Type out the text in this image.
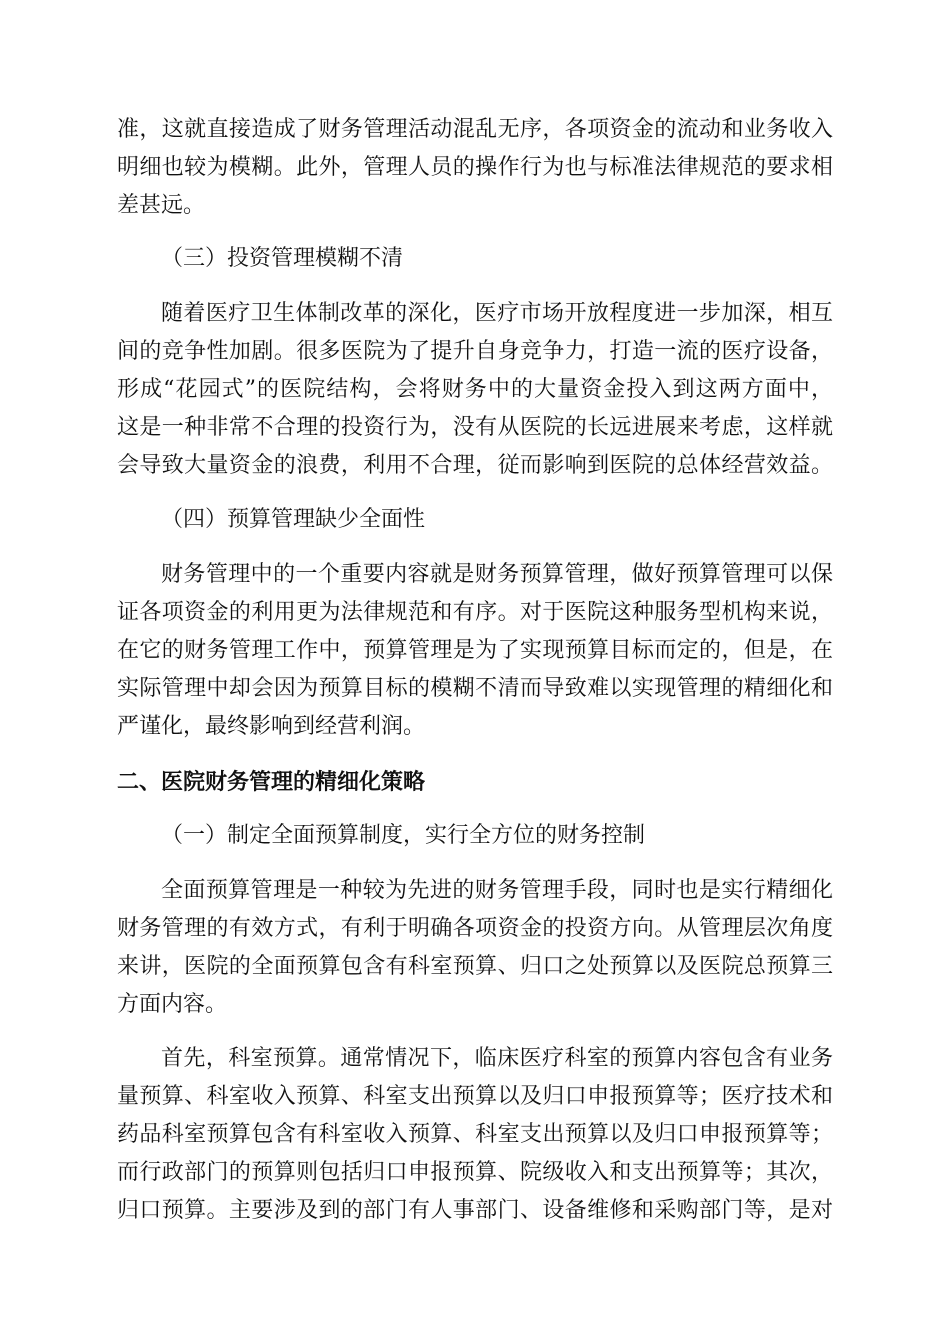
准，这就直接造成了财务管理活动混乱无序，各项资金的流动和业务收入
明细也较为模糊。此外，管理人员的操作行为也与标准法律规范的要求相
差甚远。
（三）投资管理模糊不清
随着医疗卫生体制改革的深化，医疗市场开放程度进一步加深，相互
间的竞争性加剧。很多医院为了提升自身竞争力，打造一流的医疗设备，
形成“花园式”的医院结构，会将财务中的大量资金投入到这两方面中，
这是一种非常不合理的投资行为，没有从医院的长远进展来考虑，这样就
会导致大量资金的浪费，利用不合理，従而影响到医院的总体经营效益。
（四）预算管理缺少全面性
财务管理中的一个重要内容就是财务预算管理，做好预算管理可以保
证各项资金的利用更为法律规范和有序。对于医院这种服务型机构来说，
在它的财务管理工作中，预算管理是为了实现预算目标而定的，但是，在
实际管理中却会因为预算目标的模糊不清而导致难以实现管理的精细化和
严谨化，最终影响到经营利润。
二、医院财务管理的精细化策略
（一）制定全面预算制度，实行全方位的财务控制
全面预算管理是一种较为先进的财务管理手段，同时也是实行精细化
财务管理的有效方式，有利于明确各项资金的投资方向。从管理层次角度
来讲，医院的全面预算包含有科室预算、归口之处预算以及医院总预算三
方面内容。
首先，科室预算。通常情况下，临床医疗科室的预算内容包含有业务
量预算、科室收入预算、科室支出预算以及归口申报预算等；医疗技术和
药品科室预算包含有科室收入预算、科室支出预算以及归口申报预算等；
而行政部门的预算则包括归口申报预算、院级收入和支出预算等；其次，
归口预算。主要涉及到的部门有人事部门、设备维修和采购部门等，是对
